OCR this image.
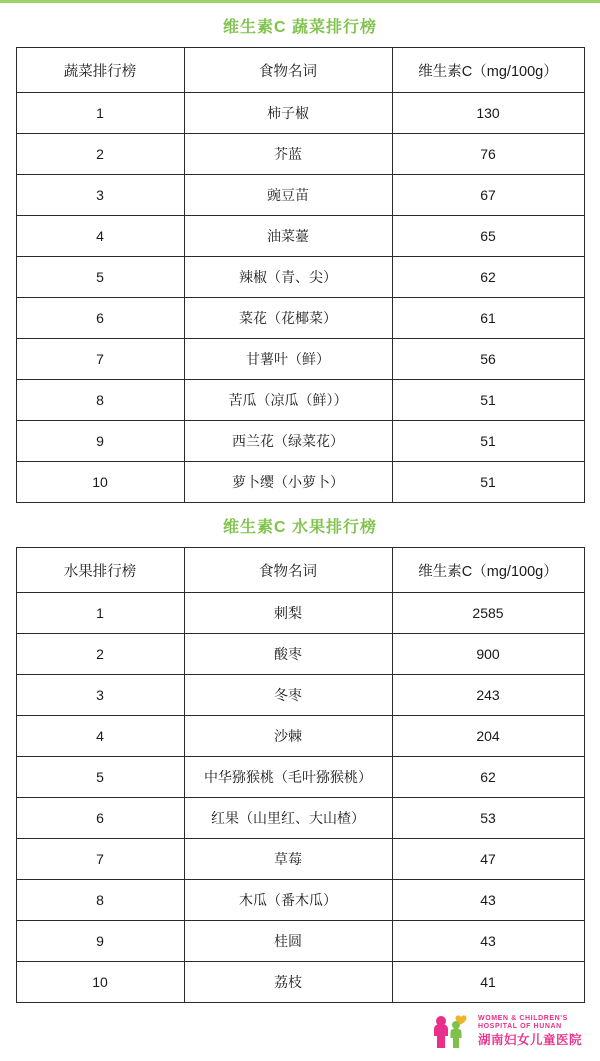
维生素C 蔬菜排行榜
蔬菜排行榜	食物名词	维生素C（mg/100g）
1	柿子椒	130
2	芥蓝	76
3	豌豆苗	67
4	油菜薹	65
5	辣椒（青、尖）	62
6	菜花（花椰菜）	61
7	甘薯叶（鲜）	56
8	苦瓜（凉瓜（鲜））	51
9	西兰花（绿菜花）	51
10	萝卜缨（小萝卜）	51
维生素C 水果排行榜
水果排行榜	食物名词	维生素C（mg/100g）
1	刺梨	2585
2	酸枣	900
3	冬枣	243
4	沙棘	204
5	中华猕猴桃（毛叶猕猴桃）	62
6	红果（山里红、大山楂）	53
7	草莓	47
8	木瓜（番木瓜）	43
9	桂圆	43
10	荔枝	41
WOMEN & CHILDREN'S
HOSPITAL OF HUNAN
湖南妇女儿童医院
